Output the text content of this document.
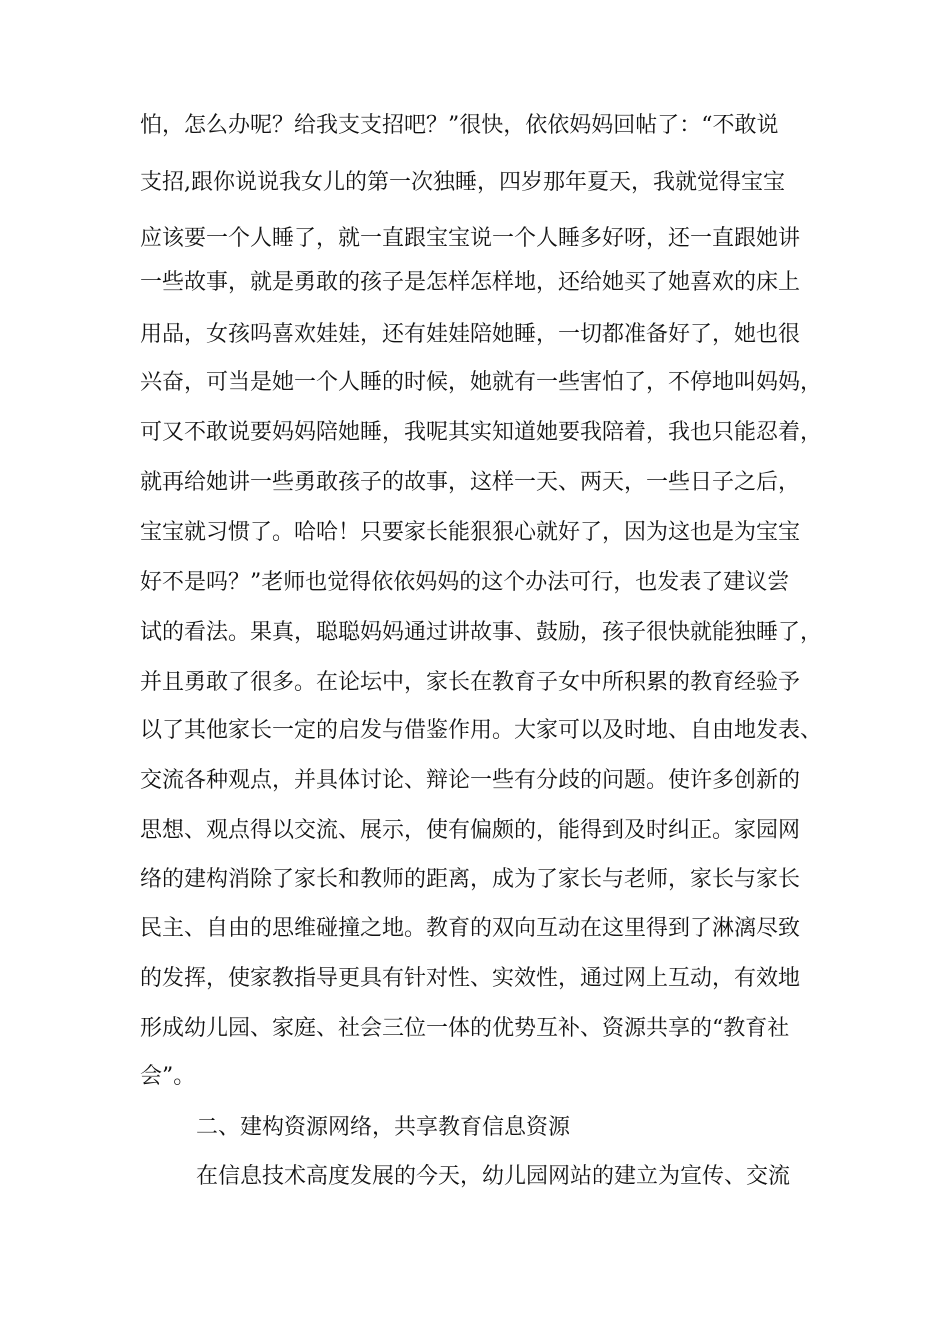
怕，怎么办呢？给我支支招吧？”很快，依依妈妈回帖了：“不敢说

支招,跟你说说我女儿的第一次独睡，四岁那年夏天，我就觉得宝宝

应该要一个人睡了，就一直跟宝宝说一个人睡多好呀，还一直跟她讲

一些故事，就是勇敢的孩子是怎样怎样地，还给她买了她喜欢的床上

用品，女孩吗喜欢娃娃，还有娃娃陪她睡，一切都准备好了，她也很

兴奋，可当是她一个人睡的时候，她就有一些害怕了，不停地叫妈妈，

可又不敢说要妈妈陪她睡，我呢其实知道她要我陪着，我也只能忍着，

就再给她讲一些勇敢孩子的故事，这样一天、两天，一些日子之后，

宝宝就习惯了。哈哈！只要家长能狠狠心就好了，因为这也是为宝宝

好不是吗？”老师也觉得依依妈妈的这个办法可行，也发表了建议尝

试的看法。果真，聪聪妈妈通过讲故事、鼓励，孩子很快就能独睡了，

并且勇敢了很多。在论坛中，家长在教育子女中所积累的教育经验予

以了其他家长一定的启发与借鉴作用。大家可以及时地、自由地发表、

交流各种观点，并具体讨论、辩论一些有分歧的问题。使许多创新的

思想、观点得以交流、展示，使有偏颇的，能得到及时纠正。家园网

络的建构消除了家长和教师的距离，成为了家长与老师，家长与家长

民主、自由的思维碰撞之地。教育的双向互动在这里得到了淋漓尽致

的发挥，使家教指导更具有针对性、实效性，通过网上互动，有效地

形成幼儿园、家庭、社会三位一体的优势互补、资源共享的“教育社

会”。

二、建构资源网络，共享教育信息资源

在信息技术高度发展的今天，幼儿园网站的建立为宣传、交流
